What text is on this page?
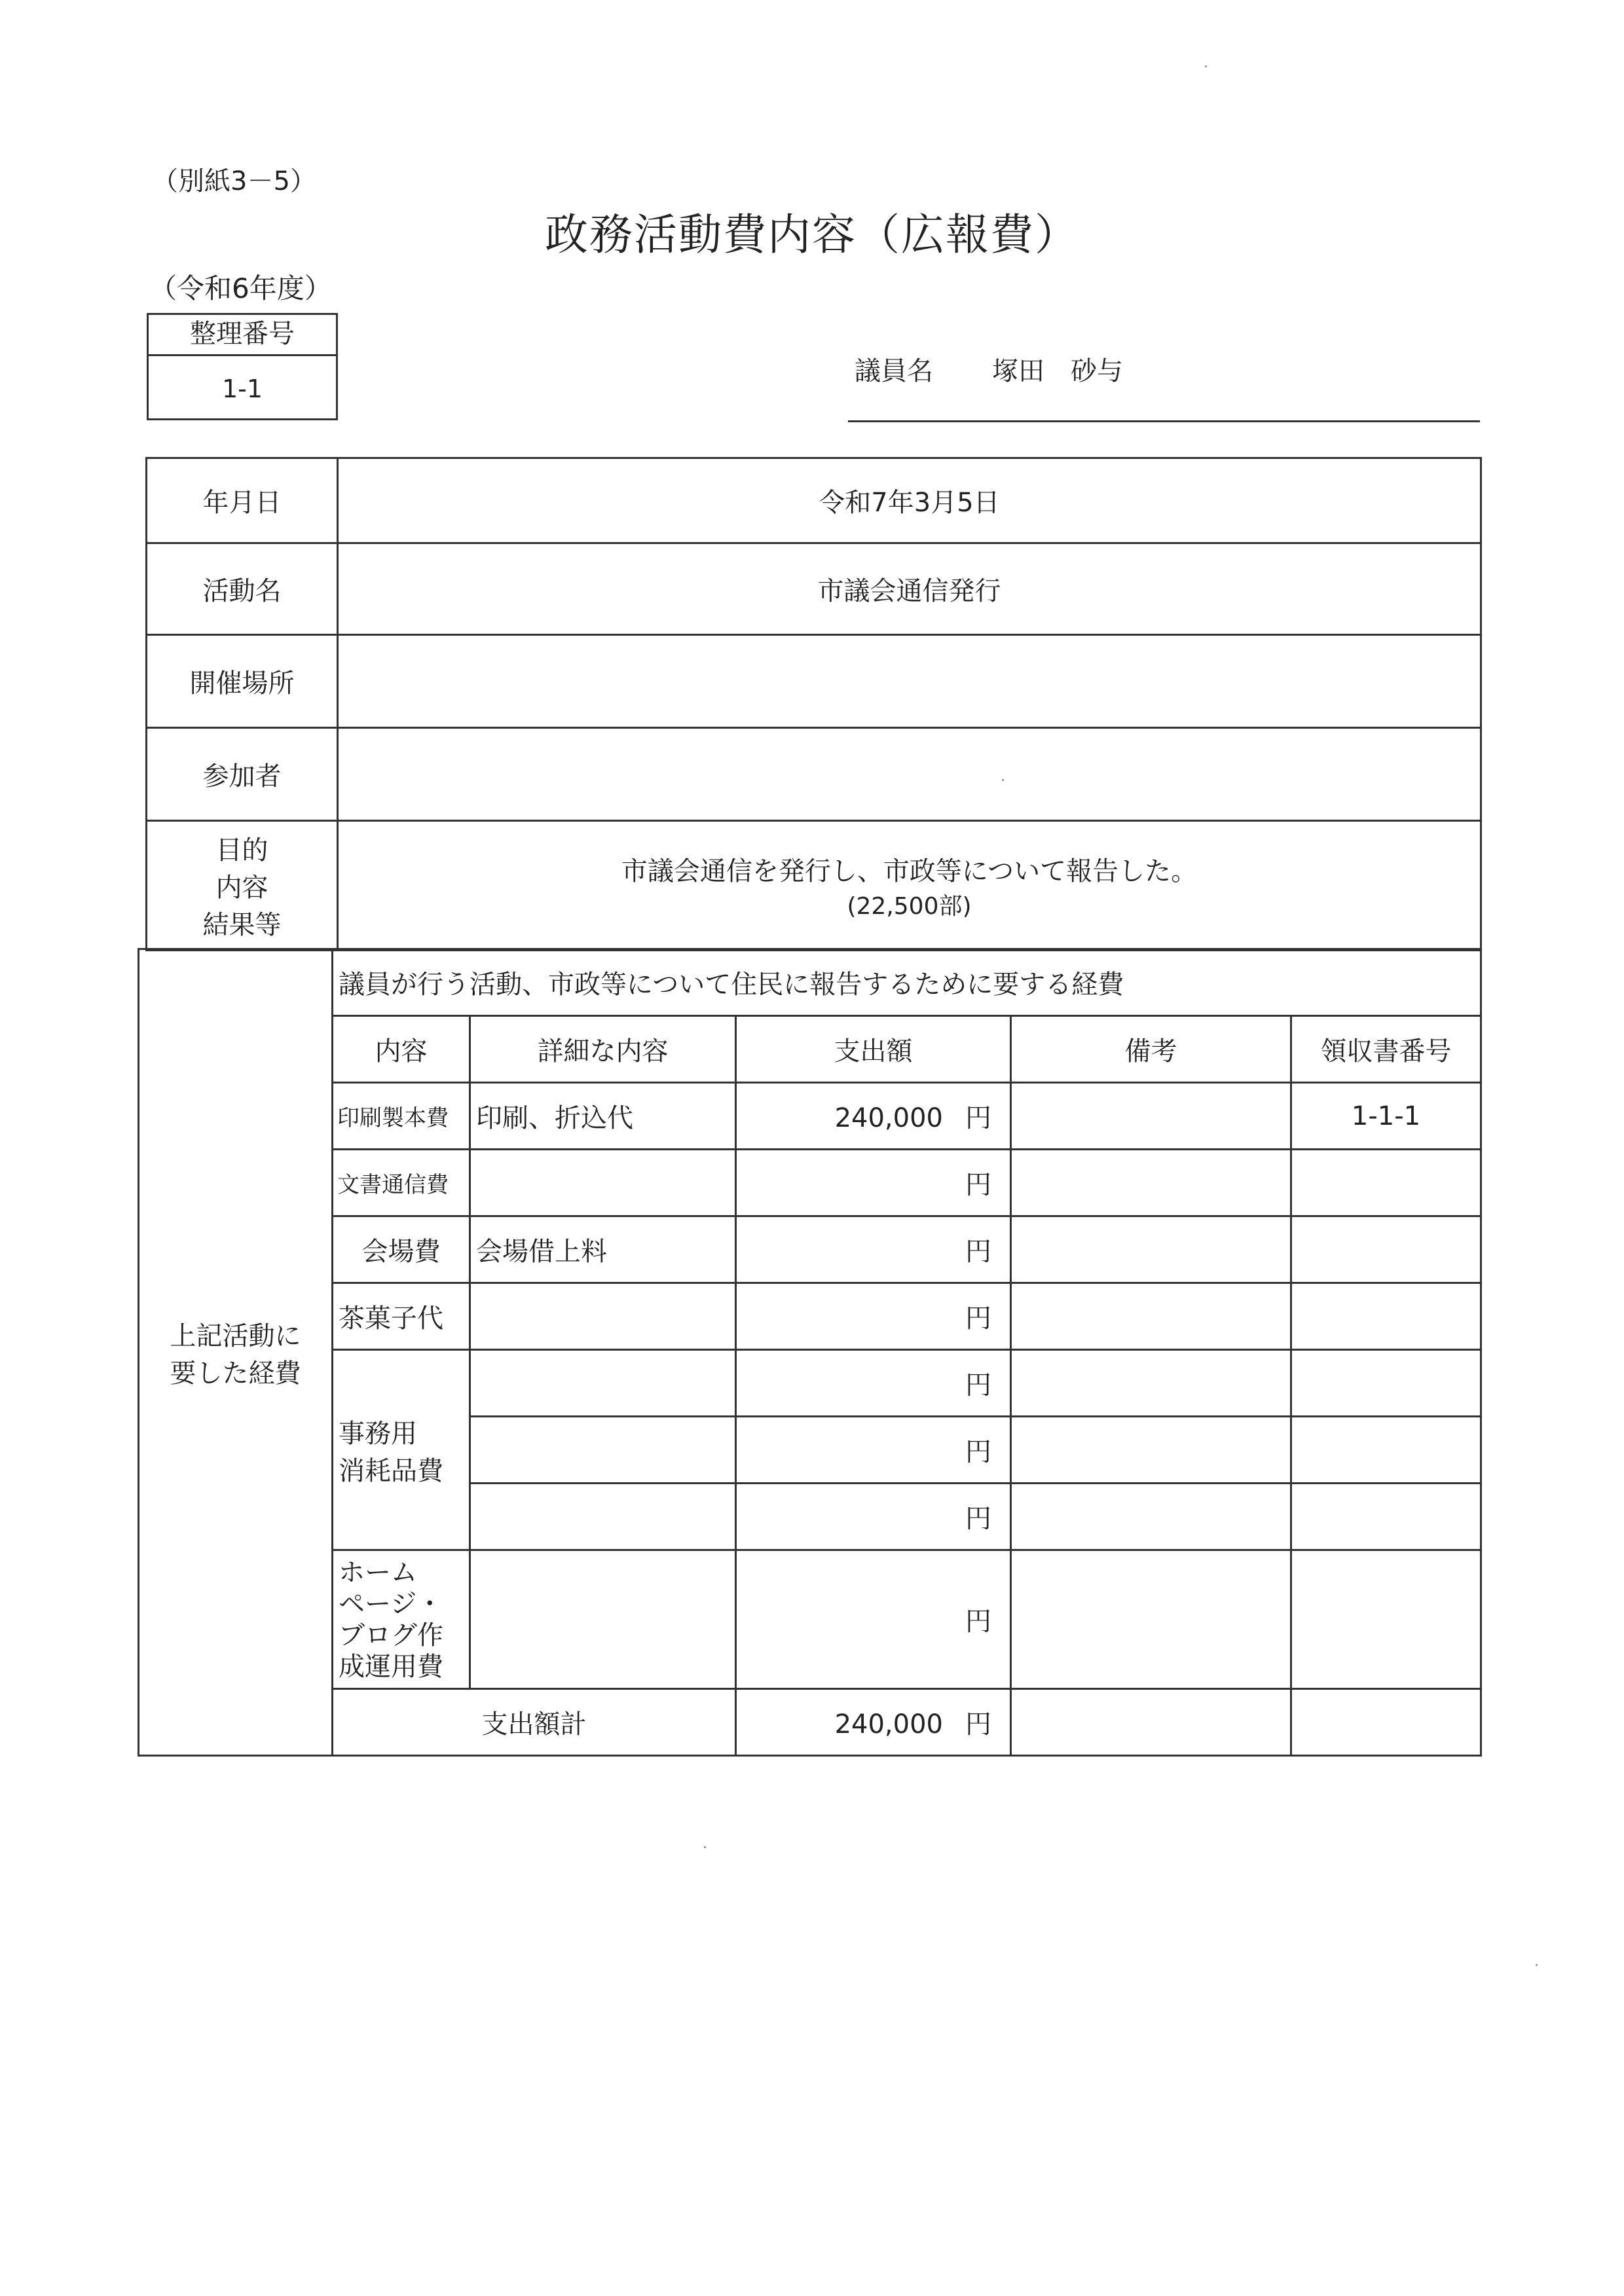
（別紙3－5）
政務活動費内容（広報費）
（令和6年度）
整理番号
1-1
議員名 塚田　砂与
年月日	令和7年3月5日
活動名	市議会通信発行
開催場所	
参加者	

目的
内容
結果等	市議会通信を発行し、市政等について報告した。
(22,500部)
上記活動に
要した経費	議員が行う活動、市政等について住民に報告するために要する経費				
	内容	詳細な内容	支出額	備考	領収書番号
	印刷製本費	印刷、折込代	240,000 円		1-1-1
	文書通信費		円		
	会場費	会場借上料	円		
	茶菓子代		円		

	事務用
消耗品費		円		
			円		
			円		

	ホーム
ページ・
ブログ作
成運用費		円		
	支出額計		240,000 円		
